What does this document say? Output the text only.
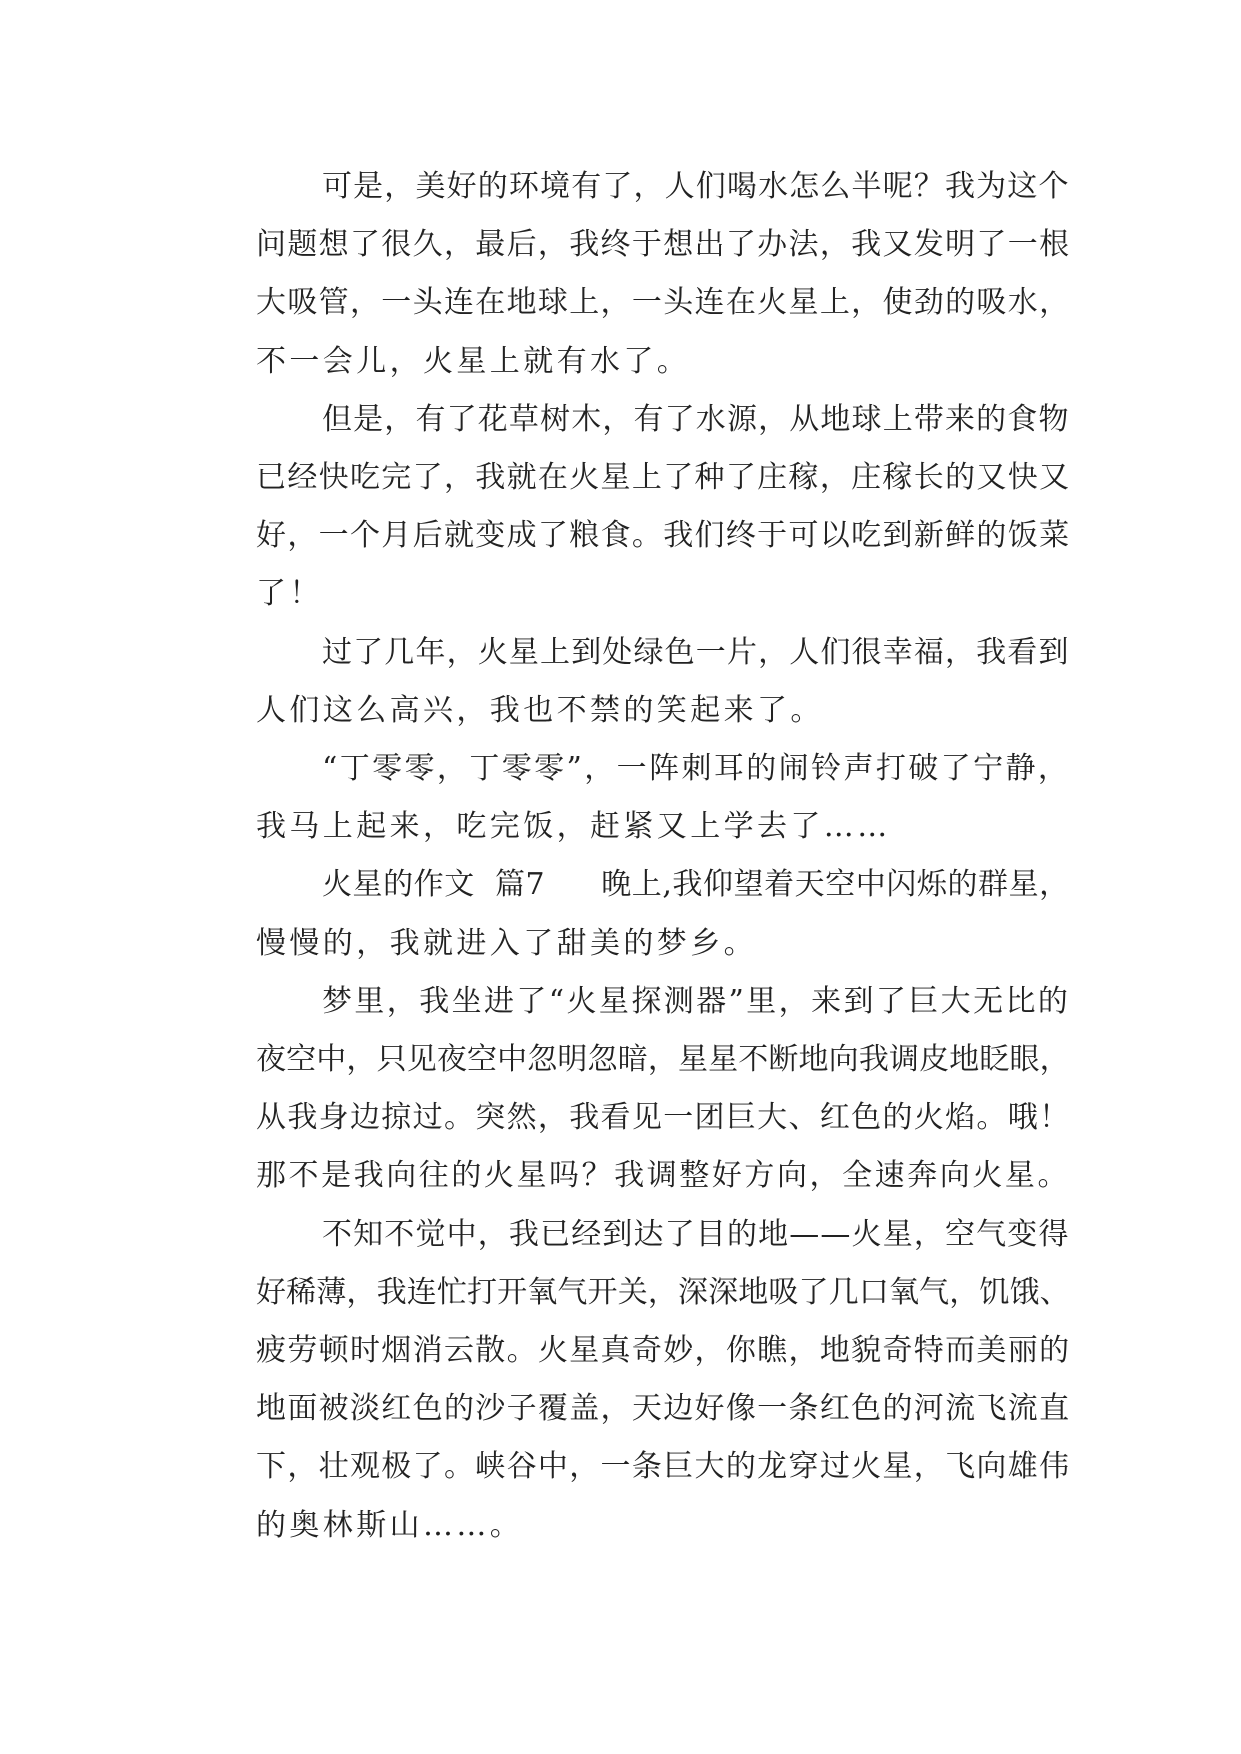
可是，美好的环境有了，人们喝水怎么半呢？我为这个
问题想了很久，最后，我终于想出了办法，我又发明了一根
大吸管，一头连在地球上，一头连在火星上，使劲的吸水，
不一会儿，火星上就有水了。
但是，有了花草树木，有了水源，从地球上带来的食物
已经快吃完了，我就在火星上了种了庄稼，庄稼长的又快又
好，一个月后就变成了粮食。我们终于可以吃到新鲜的饭菜
了！
过了几年，火星上到处绿色一片，人们很幸福，我看到
人们这么高兴，我也不禁的笑起来了。
“丁零零，丁零零”，一阵刺耳的闹铃声打破了宁静，
我马上起来，吃完饭，赶紧又上学去了……
火星的作文  篇7 晚上,我仰望着天空中闪烁的群星，
慢慢的，我就进入了甜美的梦乡。
梦里，我坐进了“火星探测器”里，来到了巨大无比的
夜空中，只见夜空中忽明忽暗，星星不断地向我调皮地眨眼，
从我身边掠过。突然，我看见一团巨大、红色的火焰。哦！
那不是我向往的火星吗？我调整好方向，全速奔向火星。
不知不觉中，我已经到达了目的地——火星，空气变得
好稀薄，我连忙打开氧气开关，深深地吸了几口氧气，饥饿、
疲劳顿时烟消云散。火星真奇妙，你瞧，地貌奇特而美丽的
地面被淡红色的沙子覆盖，天边好像一条红色的河流飞流直
下，壮观极了。峡谷中，一条巨大的龙穿过火星，飞向雄伟
的奥林斯山……。
